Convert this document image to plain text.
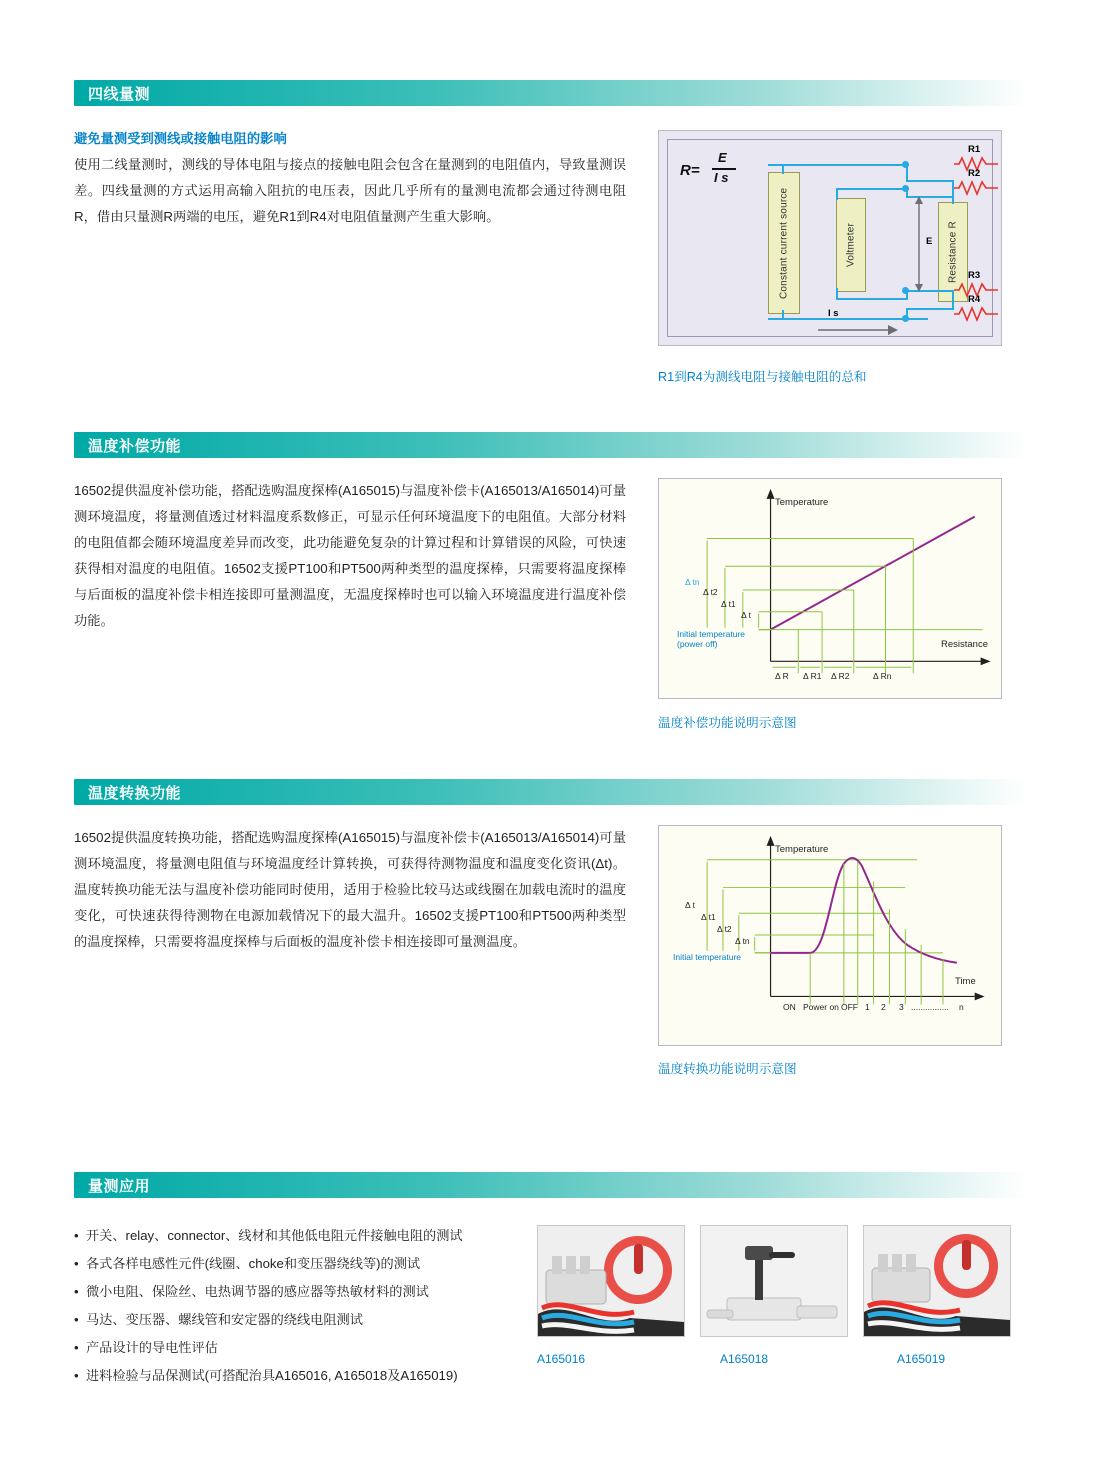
四线量测
避免量测受到测线或接触电阻的影响
使用二线量测时，测线的导体电阻与接点的接触电阻会包含在量测到的电阻值内，导致量测误差。四线量测的方式运用高输入阻抗的电压表，因此几乎所有的量测电流都会通过待测电阻R，借由只量测R两端的电压，避免R1到R4对电阻值量测产生重大影响。
R=
E
I s
Constant current source	Voltmeter	Resistance R
R1
R2
R3
R4
E
I s
R1到R4为测线电阻与接触电阻的总和
温度补偿功能
16502提供温度补偿功能，搭配选购温度探棒(A165015)与温度补偿卡(A165013/A165014)可量测环境温度，将量测值透过材料温度系数修正，可显示任何环境温度下的电阻值。大部分材料的电阻值都会随环境温度差异而改变，此功能避免复杂的计算过程和计算错误的风险，可快速获得相对温度的电阻值。16502支援PT100和PT500两种类型的温度探棒，只需要将温度探棒与后面板的温度补偿卡相连接即可量测温度，无温度探棒时也可以输入环境温度进行温度补偿功能。
Temperature
Resistance
Δ tn
Δ t2
Δ t1
Δ t
Initial temperature
(power off)
Δ R Δ R1 Δ R2	Δ Rn
温度补偿功能说明示意图
温度转换功能
16502提供温度转换功能，搭配选购温度探棒(A165015)与温度补偿卡(A165013/A165014)可量测环境温度，将量测电阻值与环境温度经计算转换，可获得待测物温度和温度变化资讯(Δt)。温度转换功能无法与温度补偿功能同时使用，适用于检验比较马达或线圈在加载电流时的温度变化，可快速获得待测物在电源加载情况下的最大温升。16502支援PT100和PT500两种类型的温度探棒，只需要将温度探棒与后面板的温度补偿卡相连接即可量测温度。
Temperature
Time
Δ t
Δ t1
Δ t2
Δ tn
Initial temperature
ON Power on OFF 1 2 3 ................ n
温度转换功能说明示意图
量测应用
• 开关、relay、connector、线材和其他低电阻元件接触电阻的测试
• 各式各样电感性元件(线圈、choke和变压器绕线等)的测试
• 微小电阻、保险丝、电热调节器的感应器等热敏材料的测试
• 马达、变压器、螺线管和安定器的绕线电阻测试
• 产品设计的导电性评估
• 进料检验与品保测试(可搭配治具A165016, A165018及A165019)
A165016	A165018	A165019
